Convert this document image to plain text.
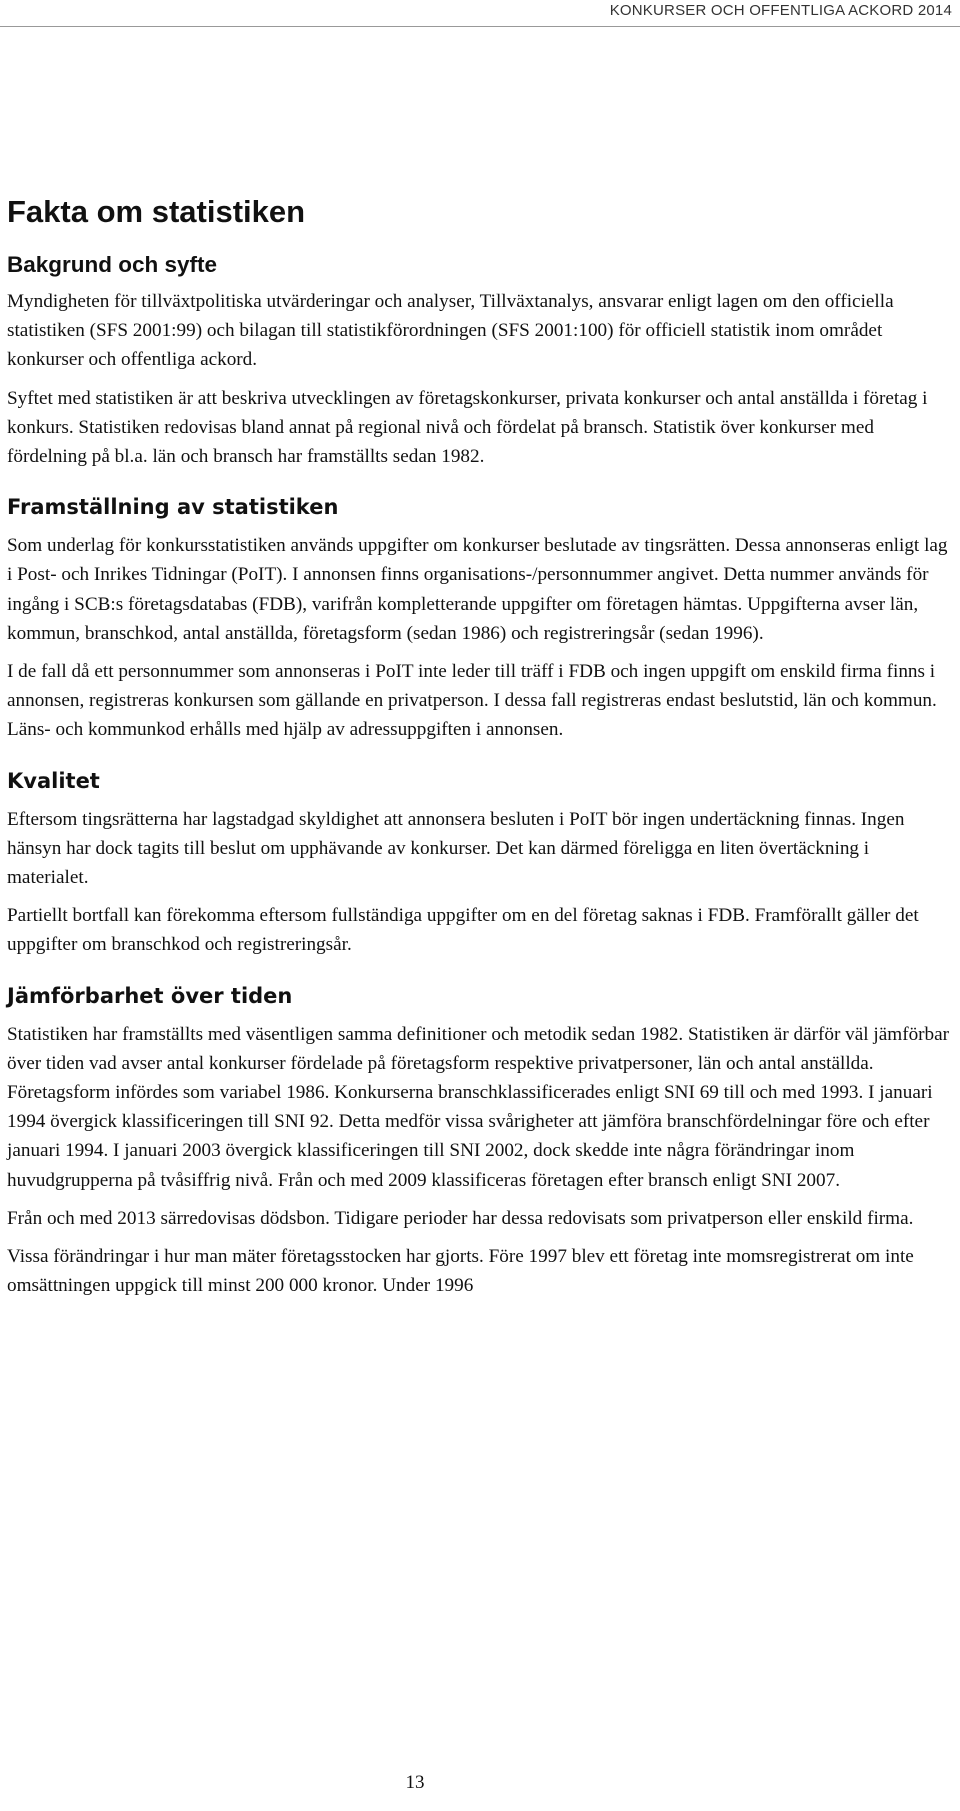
KONKURSER OCH OFFENTLIGA ACKORD 2014
Fakta om statistiken
Bakgrund och syfte

Myndigheten för tillväxtpolitiska utvärderingar och analyser, Tillväxtanalys, ansvarar enligt lagen om den officiella statistiken (SFS 2001:99) och bilagan till statistikförordningen (SFS 2001:100) för officiell statistik inom området konkurser och offentliga ackord.

Syftet med statistiken är att beskriva utvecklingen av företagskonkurser, privata konkurser och antal anställda i företag i konkurs. Statistiken redovisas bland annat på regional nivå och fördelat på bransch. Statistik över konkurser med fördelning på bl.a. län och bransch har framställts sedan 1982.

Framställning av statistiken

Som underlag för konkursstatistiken används uppgifter om konkurser beslutade av tingsrätten. Dessa annonseras enligt lag i Post- och Inrikes Tidningar (PoIT). I annonsen finns organisations-/personnummer angivet. Detta nummer används för ingång i SCB:s företagsdatabas (FDB), varifrån kompletterande uppgifter om företagen hämtas. Uppgifterna avser län, kommun, branschkod, antal anställda, företagsform (sedan 1986) och registreringsår (sedan 1996).

I de fall då ett personnummer som annonseras i PoIT inte leder till träff i FDB och ingen uppgift om enskild firma finns i annonsen, registreras konkursen som gällande en privatperson. I dessa fall registreras endast beslutstid, län och kommun. Läns- och kommunkod erhålls med hjälp av adressuppgiften i annonsen.

Kvalitet

Eftersom tingsrätterna har lagstadgad skyldighet att annonsera besluten i PoIT bör ingen undertäckning finnas. Ingen hänsyn har dock tagits till beslut om upphävande av konkurser. Det kan därmed föreligga en liten övertäckning i materialet.

Partiellt bortfall kan förekomma eftersom fullständiga uppgifter om en del företag saknas i FDB. Framförallt gäller det uppgifter om branschkod och registreringsår.

Jämförbarhet över tiden

Statistiken har framställts med väsentligen samma definitioner och metodik sedan 1982. Statistiken är därför väl jämförbar över tiden vad avser antal konkurser fördelade på företagsform respektive privatpersoner, län och antal anställda. Företagsform infördes som variabel 1986. Konkurserna branschklassificerades enligt SNI 69 till och med 1993. I januari 1994 övergick klassificeringen till SNI 92. Detta medför vissa svårigheter att jämföra branschfördelningar före och efter januari 1994. I januari 2003 övergick klassificeringen till SNI 2002, dock skedde inte några förändringar inom huvudgrupperna på tvåsiffrig nivå. Från och med 2009 klassificeras företagen efter bransch enligt SNI 2007.

Från och med 2013 särredovisas dödsbon. Tidigare perioder har dessa redovisats som privatperson eller enskild firma.

Vissa förändringar i hur man mäter företagsstocken har gjorts. Före 1997 blev ett företag inte momsregistrerat om inte omsättningen uppgick till minst 200 000 kronor. Under 1996

13
